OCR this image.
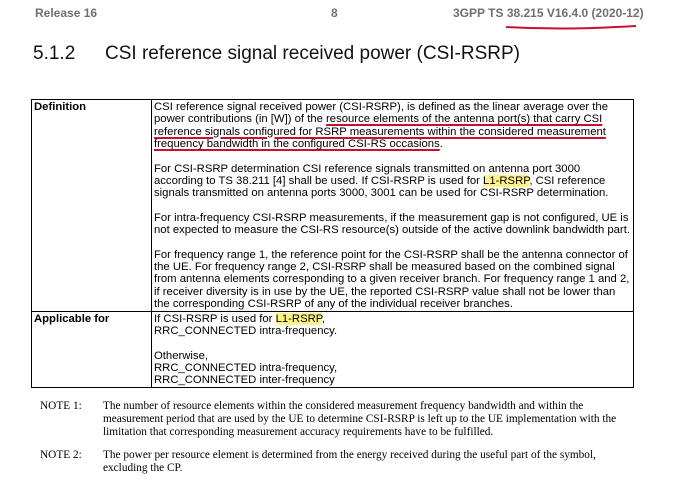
Release 16	8	3GPP TS 38.215 V16.4.0 (2020-12)
5.1.2 CSI reference signal received power (CSI-RSRP)
Definition	CSI reference signal received power (CSI-RSRP), is defined as the linear average over the power contributions (in [W]) of the resource elements of the antenna port(s) that carry CSI reference signals configured for RSRP measurements within the considered measurement frequency bandwidth in the configured CSI-RS occasions.

For CSI-RSRP determination CSI reference signals transmitted on antenna port 3000 according to TS 38.211 [4] shall be used. If CSI-RSRP is used for L1-RSRP, CSI reference signals transmitted on antenna ports 3000, 3001 can be used for CSI-RSRP determination.

For intra-frequency CSI-RSRP measurements, if the measurement gap is not configured, UE is not expected to measure the CSI-RS resource(s) outside of the active downlink bandwidth part.

For frequency range 1, the reference point for the CSI-RSRP shall be the antenna connector of the UE. For frequency range 2, CSI-RSRP shall be measured based on the combined signal from antenna elements corresponding to a given receiver branch. For frequency range 1 and 2, if receiver diversity is in use by the UE, the reported CSI-RSRP value shall not be lower than the corresponding CSI-RSRP of any of the individual receiver branches.

Applicable for	If CSI-RSRP is used for L1-RSRP,
RRC_CONNECTED intra-frequency.
Otherwise,
RRC_CONNECTED intra-frequency,
RRC_CONNECTED inter-frequency
NOTE 1:	The number of resource elements within the considered measurement frequency bandwidth and within the measurement period that are used by the UE to determine CSI-RSRP is left up to the UE implementation with the limitation that corresponding measurement accuracy requirements have to be fulfilled.
NOTE 2:	The power per resource element is determined from the energy received during the useful part of the symbol, excluding the CP.
